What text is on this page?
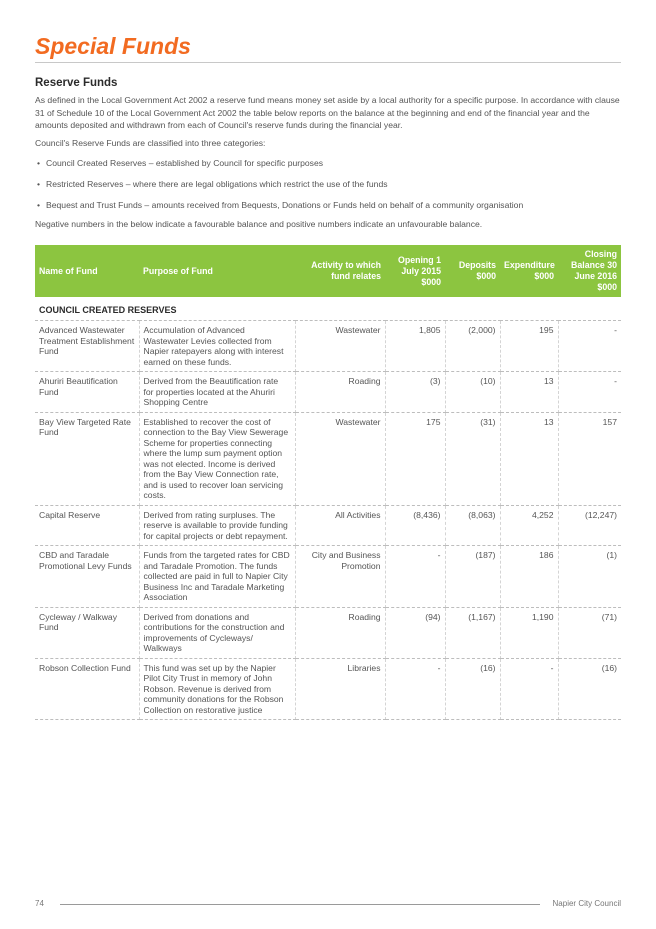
Special Funds
Reserve Funds

As defined in the Local Government Act 2002 a reserve fund means money set aside by a local authority for a specific purpose. In accordance with clause 31 of Schedule 10 of the Local Government Act 2002 the table below reports on the balance at the beginning and end of the financial year and the amounts deposited and withdrawn from each of Council's reserve funds during the financial year.

Council's Reserve Funds are classified into three categories:

• Council Created Reserves – established by Council for specific purposes
• Restricted Reserves – where there are legal obligations which restrict the use of the funds
• Bequest and Trust Funds – amounts received from Bequests, Donations or Funds held on behalf of a community organisation

Negative numbers in the below indicate a favourable balance and positive numbers indicate an unfavourable balance.

Name of Fund	Purpose of Fund	Activity to which fund relates	Opening 1 July 2015 $000	Deposits $000	Expenditure $000	Closing Balance 30 June 2016 $000
COUNCIL CREATED RESERVES						
Advanced Wastewater Treatment Establishment Fund	Accumulation of Advanced Wastewater Levies collected from Napier ratepayers along with interest earned on these funds.	Wastewater	1,805	(2,000)	195	-
Ahuriri Beautification Fund	Derived from the Beautification rate for properties located at the Ahuriri Shopping Centre	Roading	(3)	(10)	13	-
Bay View Targeted Rate Fund	Established to recover the cost of connection to the Bay View Sewerage Scheme for properties connecting where the lump sum payment option was not elected. Income is derived from the Bay View Connection rate, and is used to recover loan servicing costs.	Wastewater	175	(31)	13	157
Capital Reserve	Derived from rating surpluses. The reserve is available to provide funding for capital projects or debt repayment.	All Activities	(8,436)	(8,063)	4,252	(12,247)
CBD and Taradale Promotional Levy Funds	Funds from the targeted rates for CBD and Taradale Promotion. The funds collected are paid in full to Napier City Business Inc and Taradale Marketing Association	City and Business Promotion	-	(187)	186	(1)
Cycleway / Walkway Fund	Derived from donations and contributions for the construction and improvements of Cycleways/ Walkways	Roading	(94)	(1,167)	1,190	(71)
Robson Collection Fund	This fund was set up by the Napier Pilot City Trust in memory of John Robson. Revenue is derived from community donations for the Robson Collection on restorative justice	Libraries	-	(16)	-	(16)
74	Napier City Council
